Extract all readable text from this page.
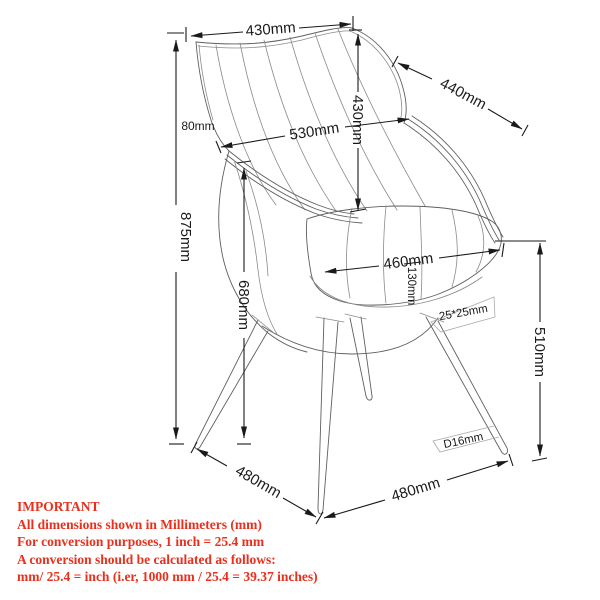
430mm
875mm
80mm	530mm 430mm
440mm
460mm
130mm
25*25mm
510mm
D16mm
680mm
480mm	480mm
IMPORTANT
All dimensions shown in Millimeters (mm)
For conversion purposes, 1 inch = 25.4 mm
A conversion should be calculated as follows:
mm/ 25.4 = inch (i.er, 1000 mm / 25.4 = 39.37 inches)
